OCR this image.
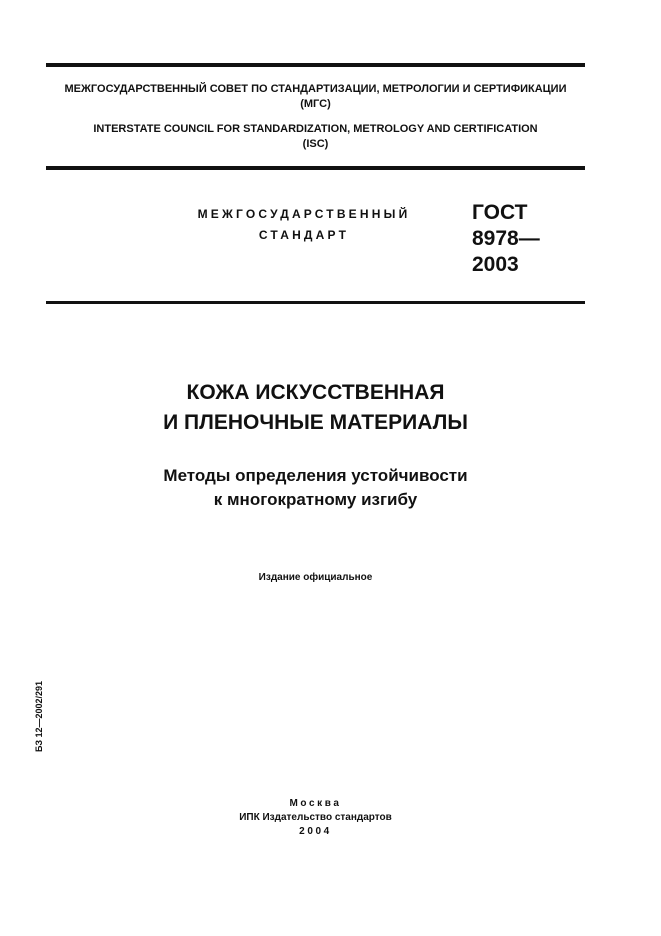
МЕЖГОСУДАРСТВЕННЫЙ СОВЕТ ПО СТАНДАРТИЗАЦИИ, МЕТРОЛОГИИ И СЕРТИФИКАЦИИ
(МГС)
INTERSTATE COUNCIL FOR STANDARDIZATION, METROLOGY AND CERTIFICATION
(ISC)
МЕЖГОСУДАРСТВЕННЫЙ
СТАНДАРТ
ГОСТ
8978—
2003
КОЖА ИСКУССТВЕННАЯ
И ПЛЕНОЧНЫЕ МАТЕРИАЛЫ
Методы определения устойчивости
к многократному изгибу
Издание официальное
БЗ 12—2002/291
Москва
ИПК Издательство стандартов
2004
